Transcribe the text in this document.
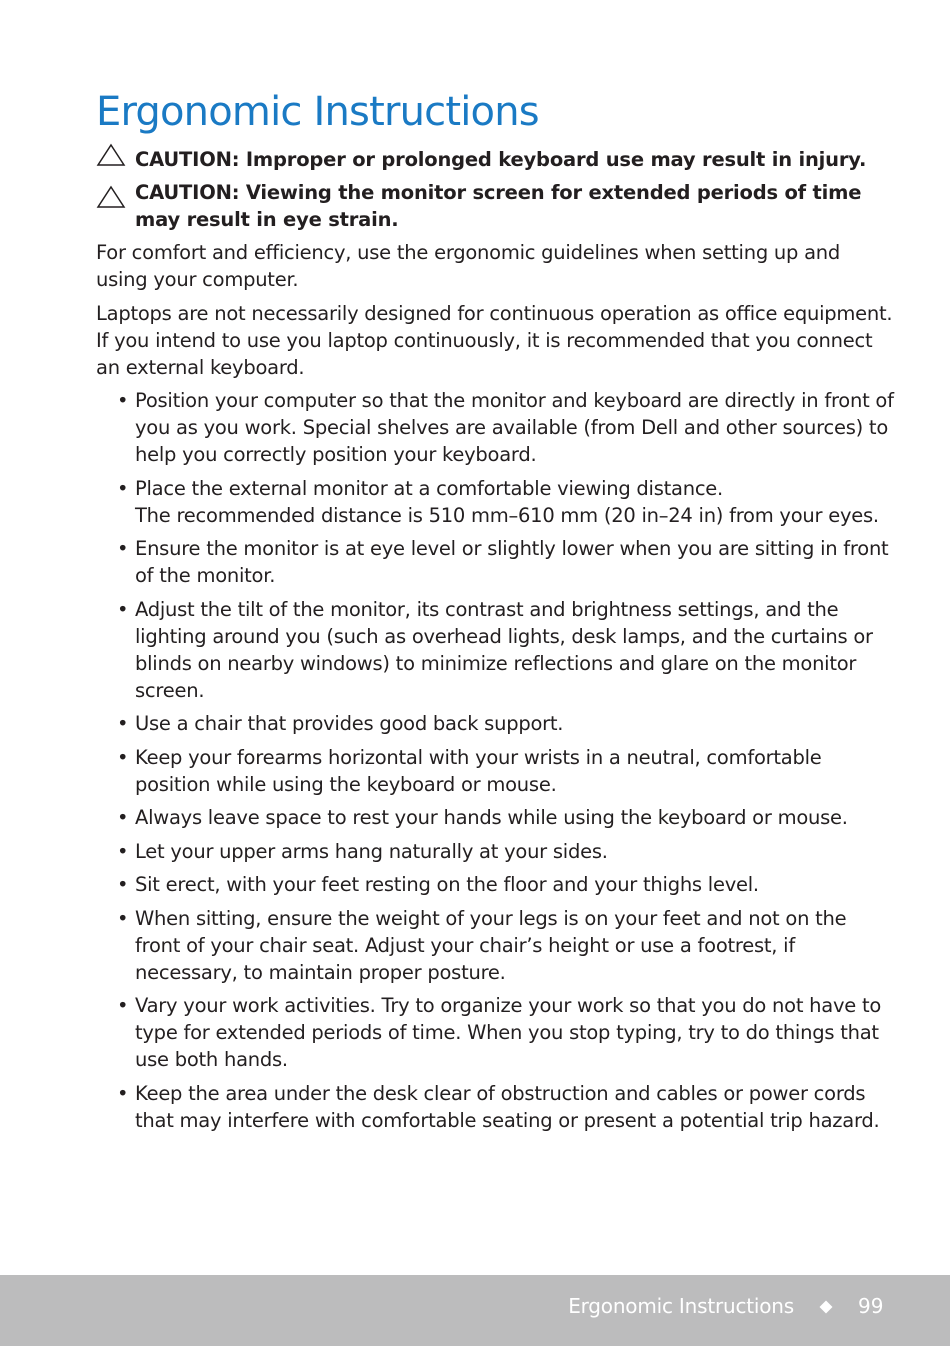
Ergonomic Instructions
CAUTION: Improper or prolonged keyboard use may result in injury.
CAUTION: Viewing the monitor screen for extended periods of time may result in eye strain.

For comfort and efficiency, use the ergonomic guidelines when setting up and using your computer.

Laptops are not necessarily designed for continuous operation as office equipment. If you intend to use you laptop continuously, it is recommended that you connect an external keyboard.

• Position your computer so that the monitor and keyboard are directly in front of you as you work. Special shelves are available (from Dell and other sources) to help you correctly position your keyboard.
• Place the external monitor at a comfortable viewing distance.
The recommended distance is 510 mm–610 mm (20 in–24 in) from your eyes.
• Ensure the monitor is at eye level or slightly lower when you are sitting in front of the monitor.
• Adjust the tilt of the monitor, its contrast and brightness settings, and the lighting around you (such as overhead lights, desk lamps, and the curtains or blinds on nearby windows) to minimize reflections and glare on the monitor screen.
• Use a chair that provides good back support.
• Keep your forearms horizontal with your wrists in a neutral, comfortable position while using the keyboard or mouse.
• Always leave space to rest your hands while using the keyboard or mouse.
• Let your upper arms hang naturally at your sides.
• Sit erect, with your feet resting on the floor and your thighs level.
• When sitting, ensure the weight of your legs is on your feet and not on the front of your chair seat. Adjust your chair’s height or use a footrest, if necessary, to maintain proper posture.
• Vary your work activities. Try to organize your work so that you do not have to type for extended periods of time. When you stop typing, try to do things that use both hands.
• Keep the area under the desk clear of obstruction and cables or power cords that may interfere with comfortable seating or present a potential trip hazard.
Ergonomic Instructions	99
